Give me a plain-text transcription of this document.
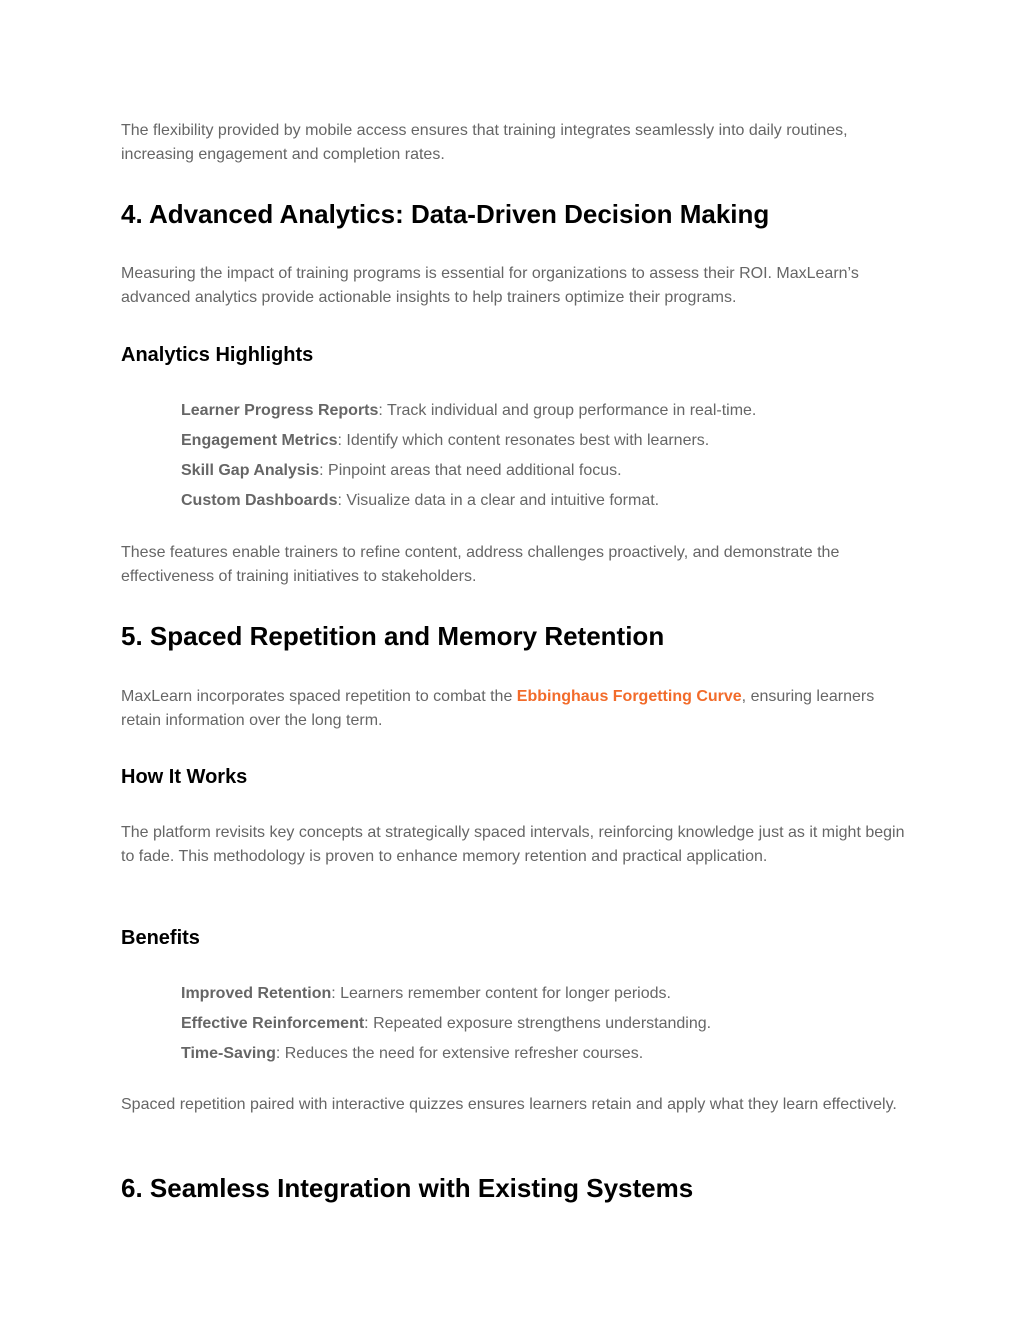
The flexibility provided by mobile access ensures that training integrates seamlessly into daily routines, increasing engagement and completion rates.

4. Advanced Analytics: Data-Driven Decision Making

Measuring the impact of training programs is essential for organizations to assess their ROI. MaxLearn’s advanced analytics provide actionable insights to help trainers optimize their programs.

Analytics Highlights
Learner Progress Reports: Track individual and group performance in real-time.
Engagement Metrics: Identify which content resonates best with learners.
Skill Gap Analysis: Pinpoint areas that need additional focus.
Custom Dashboards: Visualize data in a clear and intuitive format.

These features enable trainers to refine content, address challenges proactively, and demonstrate the effectiveness of training initiatives to stakeholders.

5. Spaced Repetition and Memory Retention

MaxLearn incorporates spaced repetition to combat the Ebbinghaus Forgetting Curve, ensuring learners retain information over the long term.

How It Works

The platform revisits key concepts at strategically spaced intervals, reinforcing knowledge just as it might begin to fade. This methodology is proven to enhance memory retention and practical application.

Benefits
Improved Retention: Learners remember content for longer periods.
Effective Reinforcement: Repeated exposure strengthens understanding.
Time-Saving: Reduces the need for extensive refresher courses.

Spaced repetition paired with interactive quizzes ensures learners retain and apply what they learn effectively.

6. Seamless Integration with Existing Systems
